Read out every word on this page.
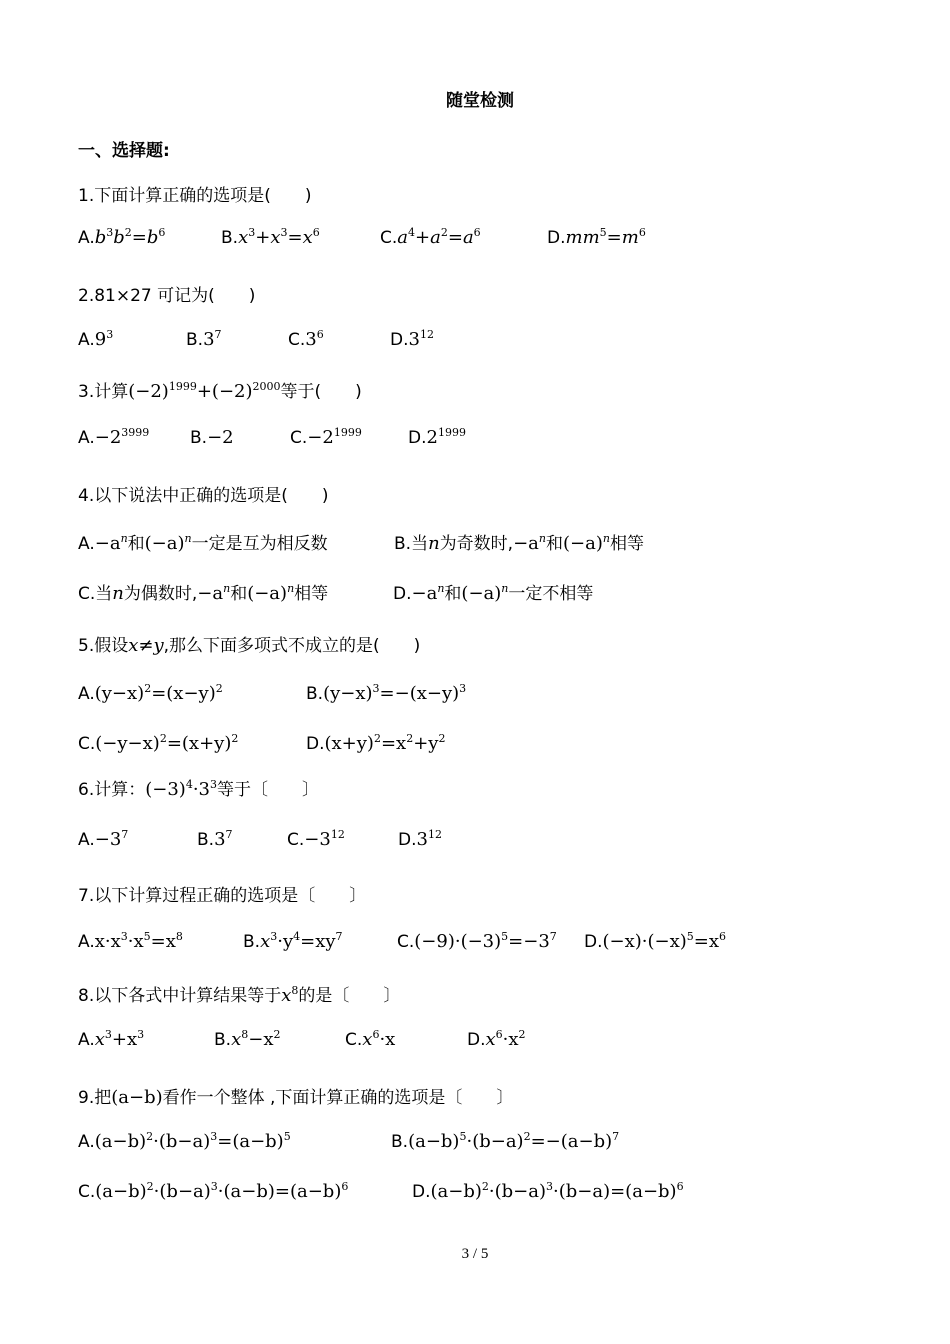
随堂检测
一、选择题:
1.下面计算正确的选项是(　　)
$A.b^3b^2=b^6$	$B.x^3+x^3=x^6$	$C.a^4+a^2=a^6$	$D.mm^5=m^6$
2.81×27 可记为(　　)
$A.9^3$	$B.3^7$	$C.3^6$	$D.3^{12}$
3.计算$(-2)^{1999}+(-2)^{2000}$等于(　　)
$A.-2^{3999}$ B.−2	$C.-2^{1999}$	$D.2^{1999}$
4.以下说法中正确的选项是(　　)
$A.-a^n$和$(-a)^n$一定是互为相反数	B.当n为奇数时$,-a^n$和$(-a)^n$相等
C.当n为偶数时$,-a^n$和$(-a)^n$相等	$D.-a^n$和$(-a)^n$一定不相等
5.假设x≠y,那么下面多项式不成立的是(　　)
$A.(y-x)^2=(x-y)^2$	$B.(y-x)^3=-(x-y)^3$
$C.(-y-x)^2=(x+y)^2$	$D.(x+y)^2=x^2+y^2$
6.计算：$(-3)^4\cdot 3^3$等于〔　　〕
$A.-3^7$	$B.3^7$	$C.-3^{12}$	$D.3^{12}$
7.以下计算过程正确的选项是〔　　〕
$A.x\cdot x^3\cdot x^5=x^8$	$B.x^3\cdot y^4=xy^7$	$C.(-9)\cdot(-3)^5=-3^7$ $D.(-x)\cdot(-x)^5=x^6$
8.以下各式中计算结果等于$x^8$的是〔　　〕
$A.x^3+x^3$	$B.x^8-x^2$	$C.x^6\cdot x$	$D.x^6\cdot x^2$
9.把(a−b)看作一个整体 ,下面计算正确的选项是〔　　〕
$A.(a-b)^2\cdot(b-a)^3=(a-b)^5$	$B.(a-b)^5\cdot(b-a)^2=-(a-b)^7$
$C.(a-b)^2\cdot(b-a)^3\cdot(a-b)=(a-b)^6$	$D.(a-b)^2\cdot(b-a)^3\cdot(b-a)=(a-b)^6$
3 / 5
